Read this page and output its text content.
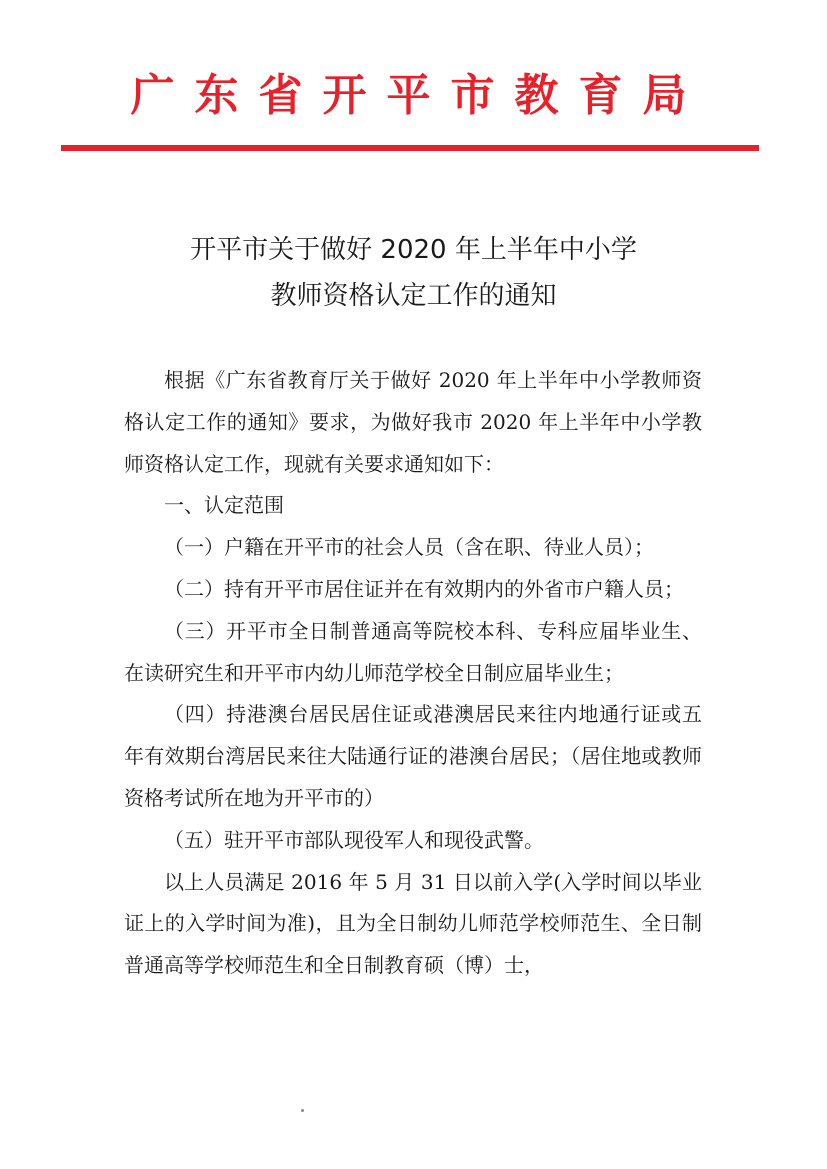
广东省开平市教育局
开平市关于做好 2020 年上半年中小学
教师资格认定工作的通知

根据《广东省教育厅关于做好 2020 年上半年中小学教师资格认定工作的通知》要求，为做好我市 2020 年上半年中小学教师资格认定工作，现就有关要求通知如下：

一、认定范围

（一）户籍在开平市的社会人员（含在职、待业人员）；

（二）持有开平市居住证并在有效期内的外省市户籍人员；

（三）开平市全日制普通高等院校本科、专科应届毕业生、在读研究生和开平市内幼儿师范学校全日制应届毕业生；

（四）持港澳台居民居住证或港澳居民来往内地通行证或五年有效期台湾居民来往大陆通行证的港澳台居民；（居住地或教师资格考试所在地为开平市的）

（五）驻开平市部队现役军人和现役武警。

以上人员满足 2016 年 5 月 31 日以前入学(入学时间以毕业证上的入学时间为准)，且为全日制幼儿师范学校师范生、全日制普通高等学校师范生和全日制教育硕（博）士，
